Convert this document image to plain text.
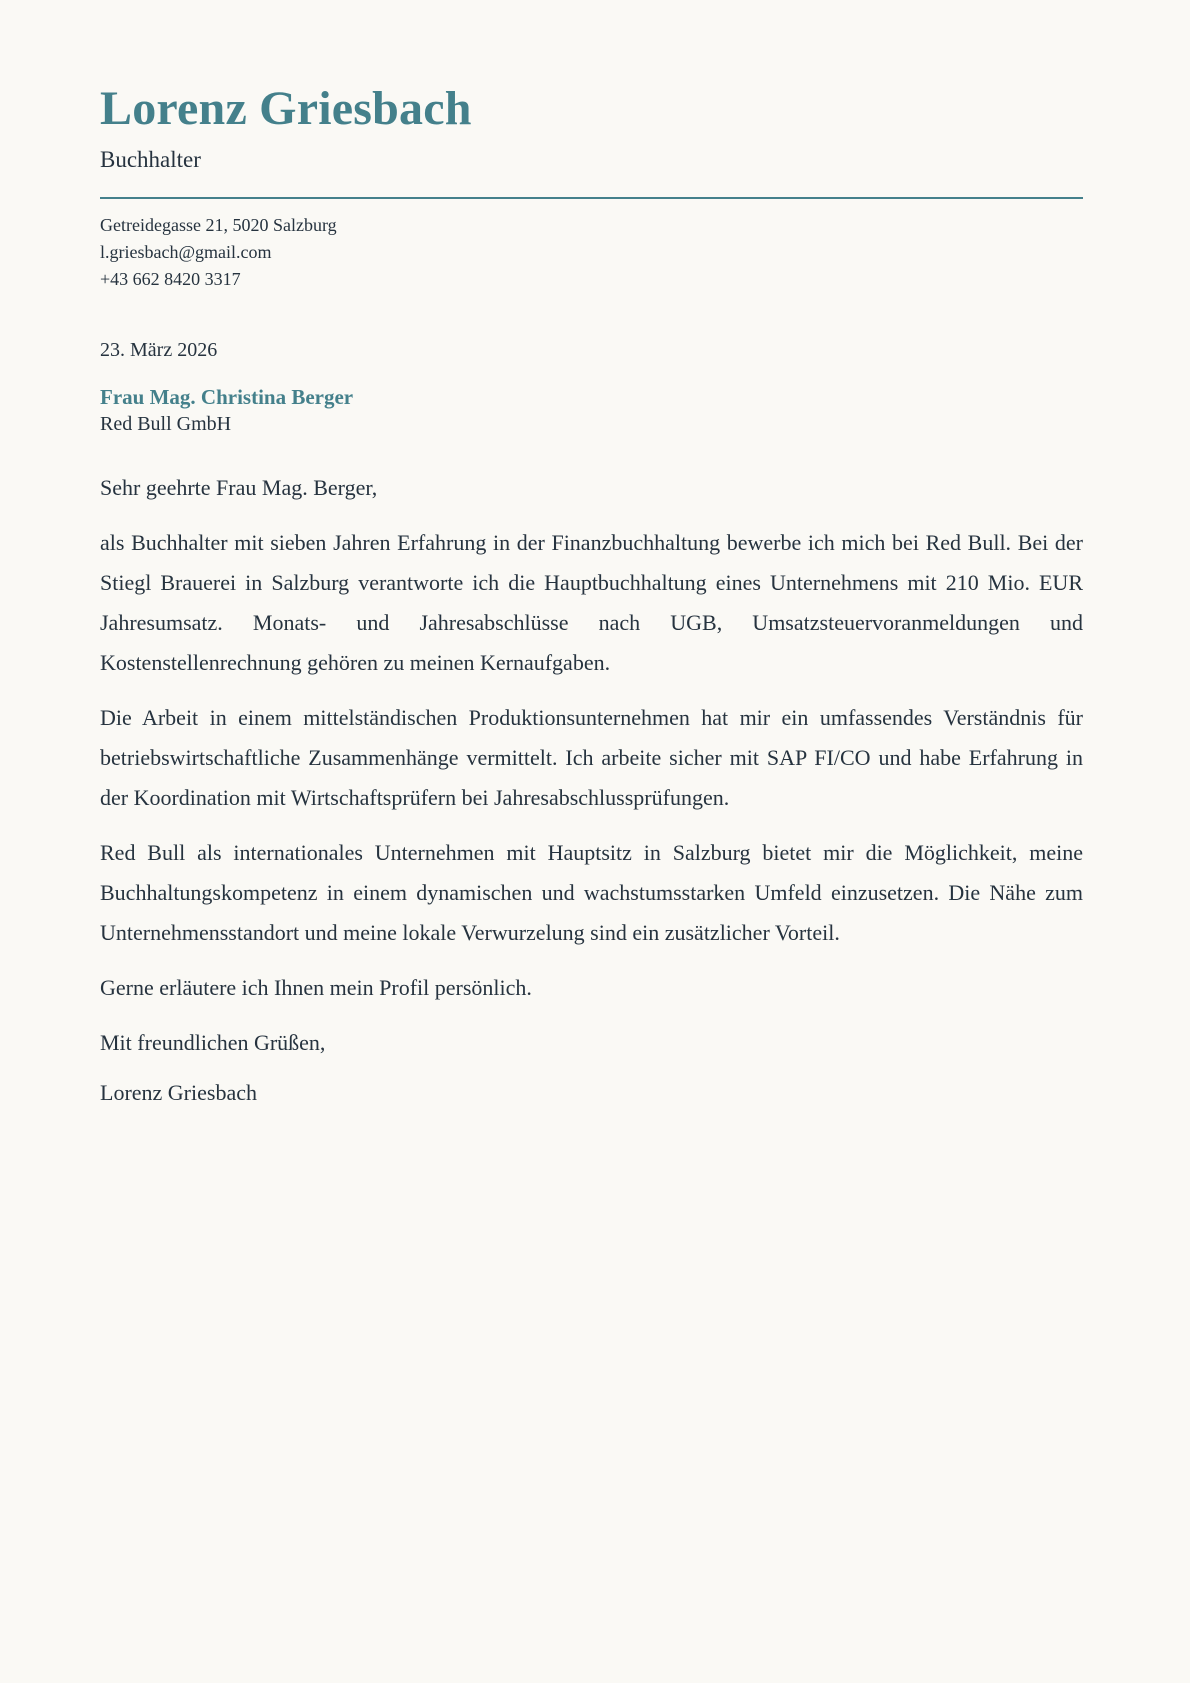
Lorenz Griesbach
Buchhalter
Getreidegasse 21, 5020 Salzburg
l.griesbach@gmail.com
+43 662 8420 3317
23. März 2026
Frau Mag. Christina Berger
Red Bull GmbH

Sehr geehrte Frau Mag. Berger,

als Buchhalter mit sieben Jahren Erfahrung in der Finanzbuchhaltung bewerbe ich mich bei Red Bull. Bei der Stiegl Brauerei in Salzburg verantworte ich die Hauptbuchhaltung eines Unternehmens mit 210 Mio. EUR Jahresumsatz. Monats- und Jahresabschlüsse nach UGB, Umsatzsteuervoranmeldungen und Kostenstellenrechnung gehören zu meinen Kernaufgaben.

Die Arbeit in einem mittelständischen Produktionsunternehmen hat mir ein umfassendes Verständnis für betriebswirtschaftliche Zusammenhänge vermittelt. Ich arbeite sicher mit SAP FI/CO und habe Erfahrung in der Koordination mit Wirtschaftsprüfern bei Jahresabschlussprüfungen.

Red Bull als internationales Unternehmen mit Hauptsitz in Salzburg bietet mir die Möglichkeit, meine Buchhaltungskompetenz in einem dynamischen und wachstumsstarken Umfeld einzusetzen. Die Nähe zum Unternehmensstandort und meine lokale Verwurzelung sind ein zusätzlicher Vorteil.

Gerne erläutere ich Ihnen mein Profil persönlich.

Mit freundlichen Grüßen,

Lorenz Griesbach
